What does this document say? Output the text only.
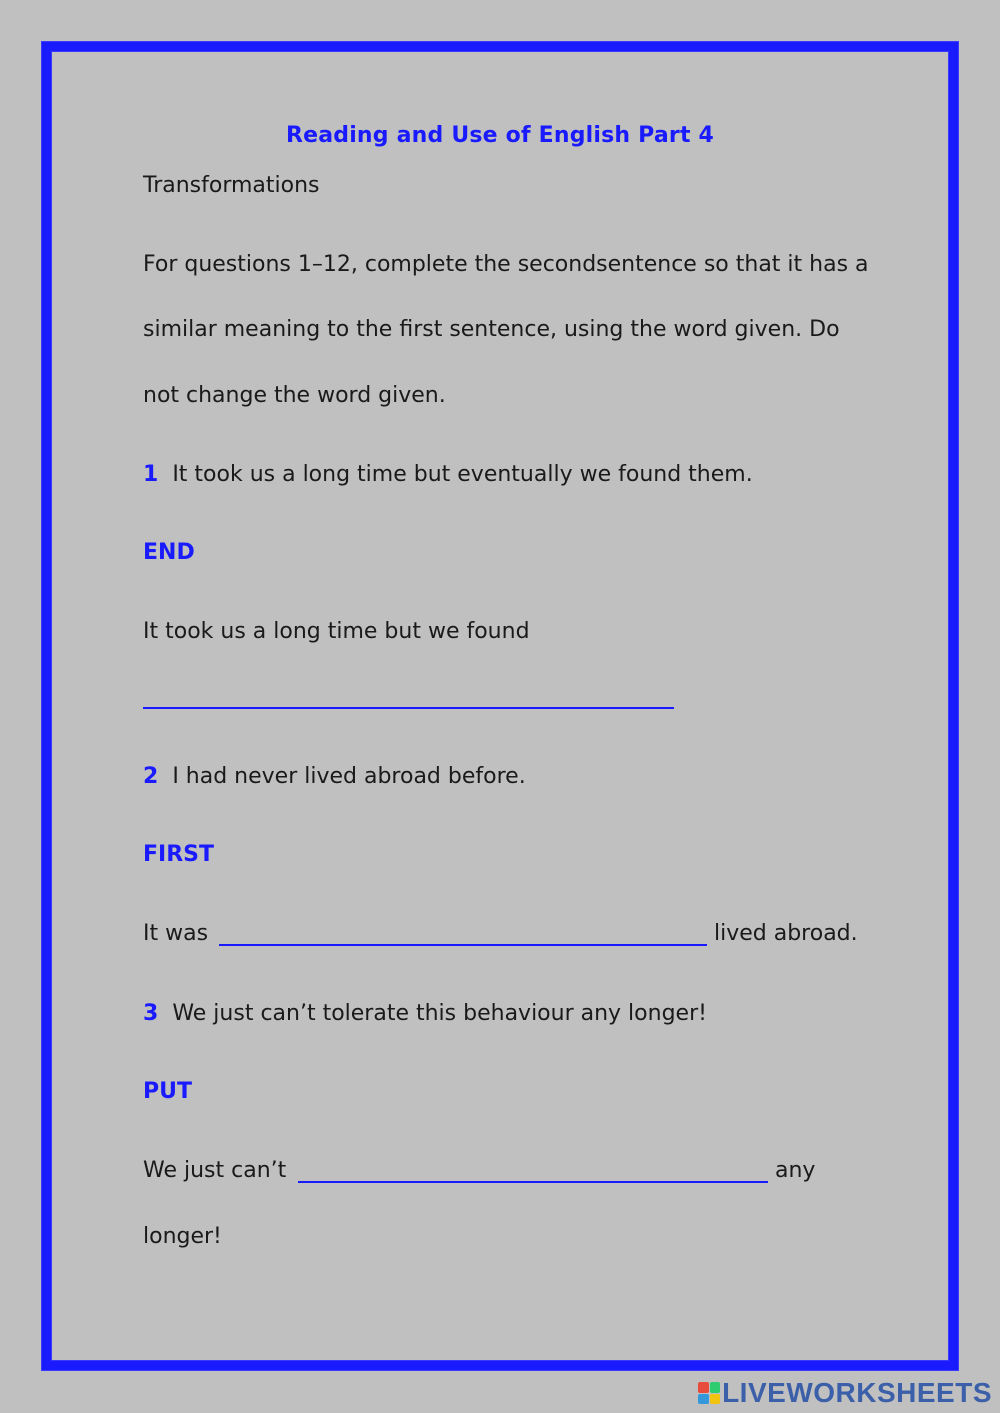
Reading and Use of English Part 4
Transformations
For questions 1–12, complete the secondsentence so that it has a
similar meaning to the first sentence, using the word given. Do
not change the word given.
1 It took us a long time but eventually we found them.
END
It took us a long time but we found
2 I had never lived abroad before.
FIRST
It was	lived abroad.
3 We just can’t tolerate this behaviour any longer!
PUT
We just can’t	any
longer!
LIVEWORKSHEETS
